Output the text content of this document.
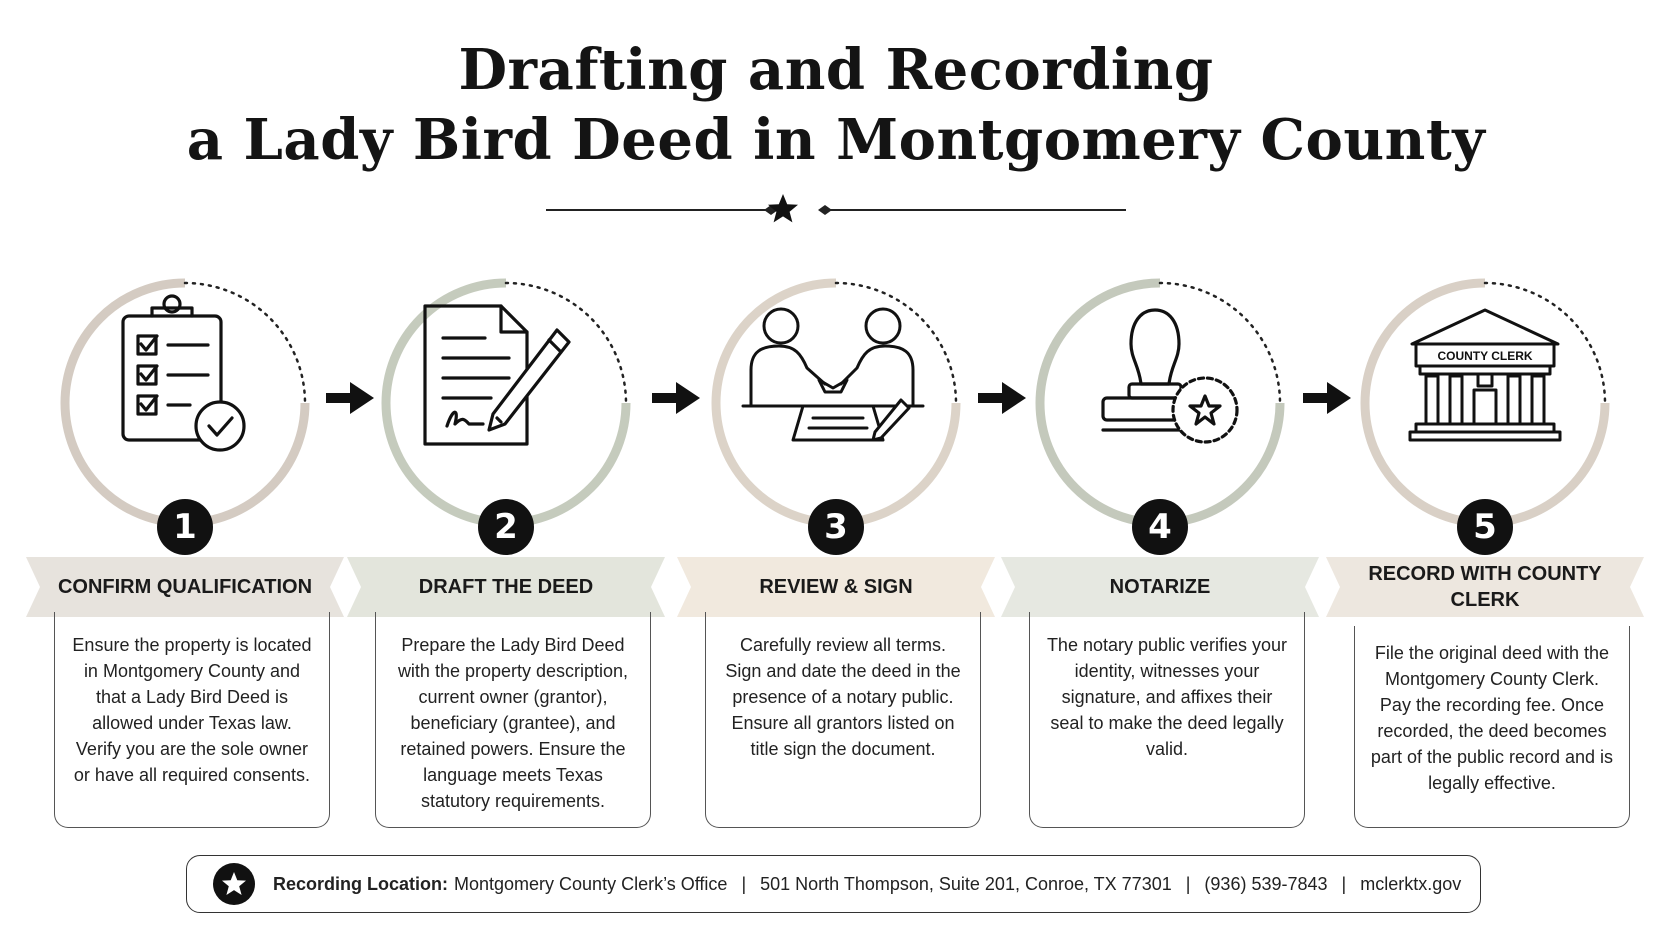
Drafting and Recording
a Lady Bird Deed in Montgomery County
1
CONFIRM QUALIFICATION
Ensure the property is located in Montgomery County and that a Lady Bird Deed is allowed under Texas law. Verify you are the sole owner or have all required consents.
2
DRAFT THE DEED
Prepare the Lady Bird Deed with the property description, current owner (grantor), beneficiary (grantee), and retained powers. Ensure the language meets Texas statutory requirements.
3
REVIEW & SIGN
Carefully review all terms. Sign and date the deed in the presence of a notary public. Ensure all grantors listed on title sign the document.
4
NOTARIZE
The notary public verifies your identity, witnesses your signature, and affixes their seal to make the deed legally valid.
COUNTY CLERK
5
RECORD WITH COUNTY CLERK
File the original deed with the Montgomery County Clerk. Pay the recording fee. Once recorded, the deed becomes part of the public record and is legally effective.
Recording Location: Montgomery County Clerk’s Office | 501 North Thompson, Suite 201, Conroe, TX 77301 | (936) 539-7843 | mclerktx.gov
